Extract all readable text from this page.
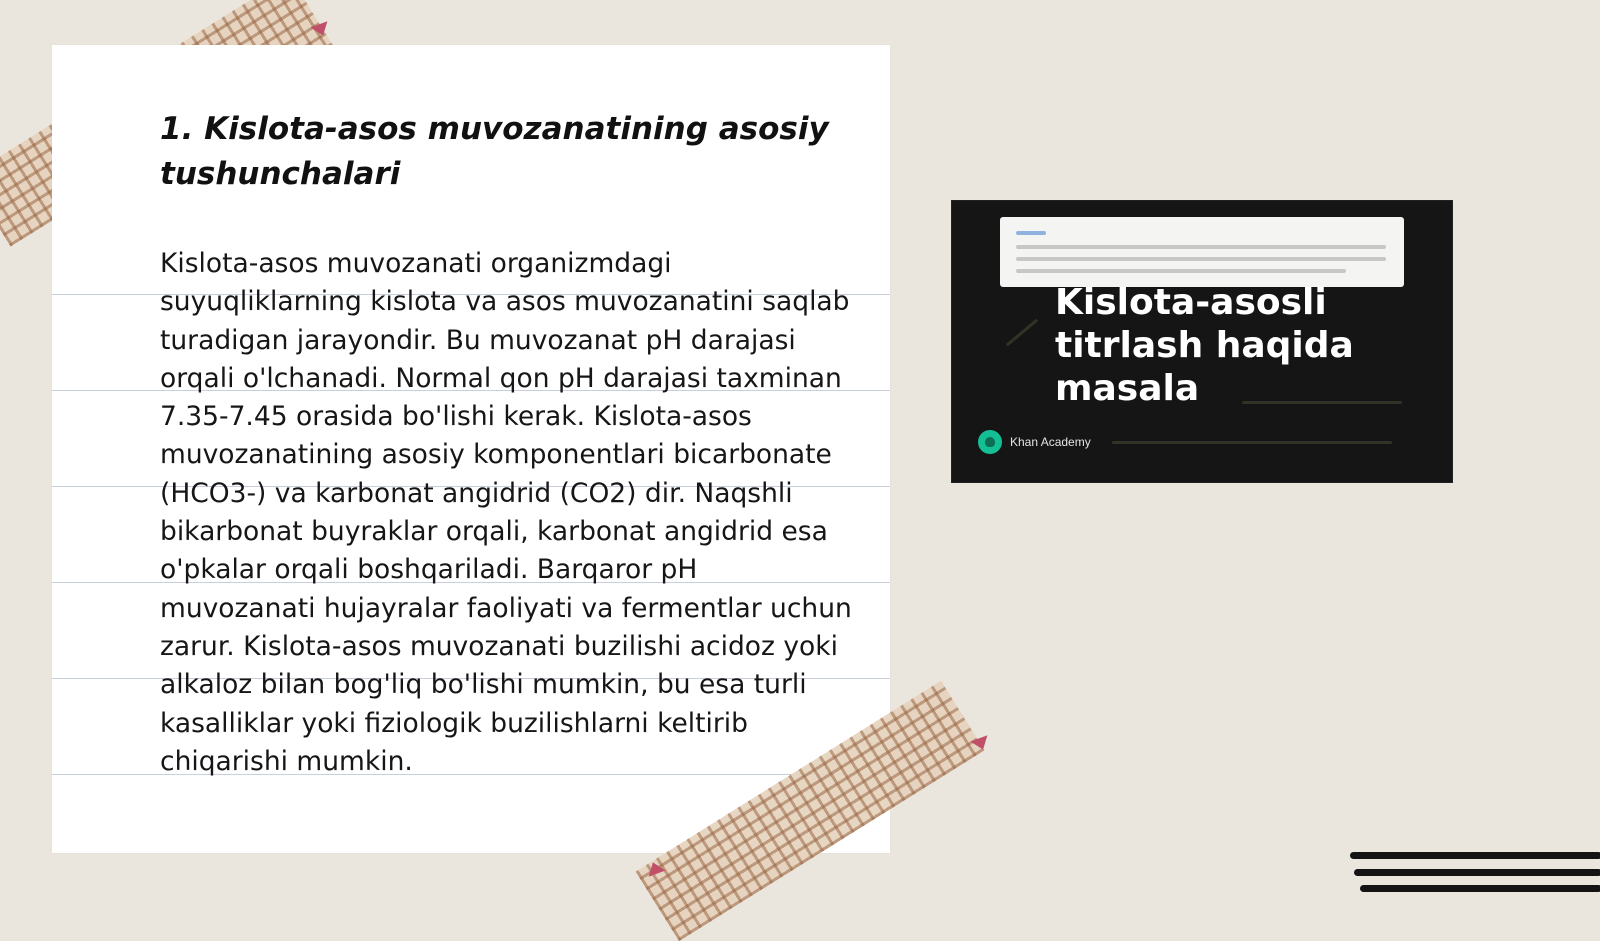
1. Kislota-asos muvozanatining asosiy
tushunchalari

Kislota-asos muvozanati organizmdagi suyuqliklarning kislota va asos muvozanatini saqlab turadigan jarayondir. Bu muvozanat pH darajasi orqali o'lchanadi. Normal qon pH darajasi taxminan 7.35-7.45 orasida bo'lishi kerak. Kislota-asos muvozanatining asosiy komponentlari bicarbonate (HCO3-) va karbonat angidrid (CO2) dir. Naqshli bikarbonat buyraklar orqali, karbonat angidrid esa o'pkalar orqali boshqariladi. Barqaror pH muvozanati hujayralar faoliyati va fermentlar uchun zarur. Kislota-asos muvozanati buzilishi acidoz yoki alkaloz bilan bog'liq bo'lishi mumkin, bu esa turli kasalliklar yoki fiziologik buzilishlarni keltirib chiqarishi mumkin.

Kislota-asosli
titrlash haqida
masala
Khan Academy
